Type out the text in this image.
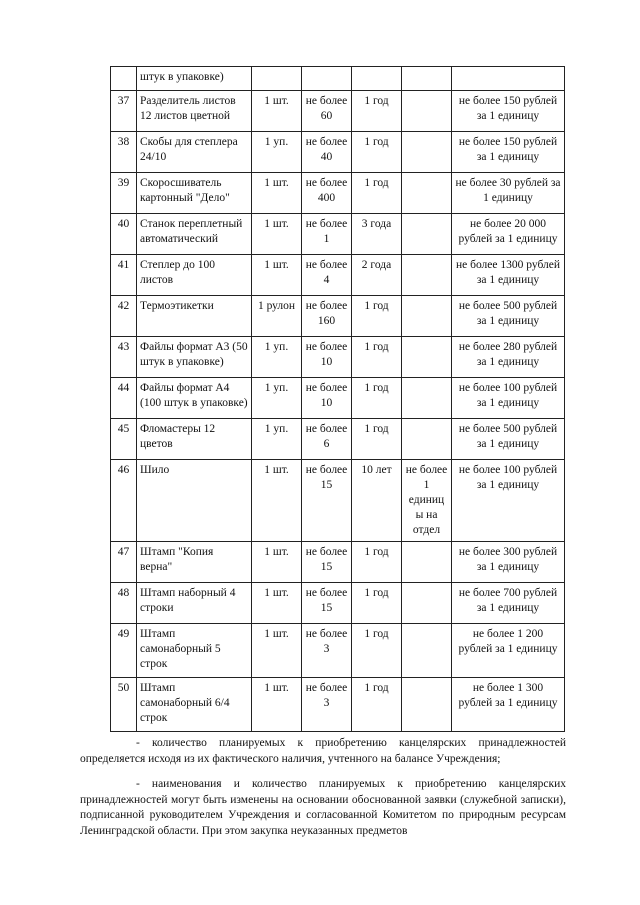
	штук в упаковке)					
37	Разделитель листов 12 листов цветной	1 шт.	не более 60	1 год		не более 150 рублей за 1 единицу
38	Скобы для степлера 24/10	1 уп.	не более 40	1 год		не более 150 рублей за 1 единицу
39	Скоросшиватель картонный "Дело"	1 шт.	не более 400	1 год		не более 30 рублей за 1 единицу
40	Станок переплетный автоматический	1 шт.	не более 1	3 года		не более 20 000 рублей за 1 единицу
41	Степлер до 100 листов	1 шт.	не более 4	2 года		не более 1300 рублей за 1 единицу
42	Термоэтикетки	1 рулон	не более 160	1 год		не более 500 рублей за 1 единицу
43	Файлы формат А3 (50 штук в упаковке)	1 уп.	не более 10	1 год		не более 280 рублей за 1 единицу
44	Файлы формат А4 (100 штук в упаковке)	1 уп.	не более 10	1 год		не более 100 рублей за 1 единицу
45	Фломастеры 12 цветов	1 уп.	не более 6	1 год		не более 500 рублей за 1 единицу
46	Шило	1 шт.	не более 15	10 лет	не более 1 единицы на отдел	не более 100 рублей за 1 единицу
47	Штамп "Копия верна"	1 шт.	не более 15	1 год		не более 300 рублей за 1 единицу
48	Штамп наборный 4 строки	1 шт.	не более 15	1 год		не более 700 рублей за 1 единицу
49	Штамп самонаборный 5 строк	1 шт.	не более 3	1 год		не более 1 200 рублей за 1 единицу
50	Штамп самонаборный 6/4 строк	1 шт.	не более 3	1 год		не более 1 300 рублей за 1 единицу

- количество планируемых к приобретению канцелярских принадлежностей определяется исходя из их фактического наличия, учтенного на балансе Учреждения;

- наименования и количество планируемых к приобретению канцелярских принадлежностей могут быть изменены на основании обоснованной заявки (служебной записки), подписанной руководителем Учреждения и согласованной Комитетом по природным ресурсам Ленинградской области. При этом закупка неуказанных предметов
